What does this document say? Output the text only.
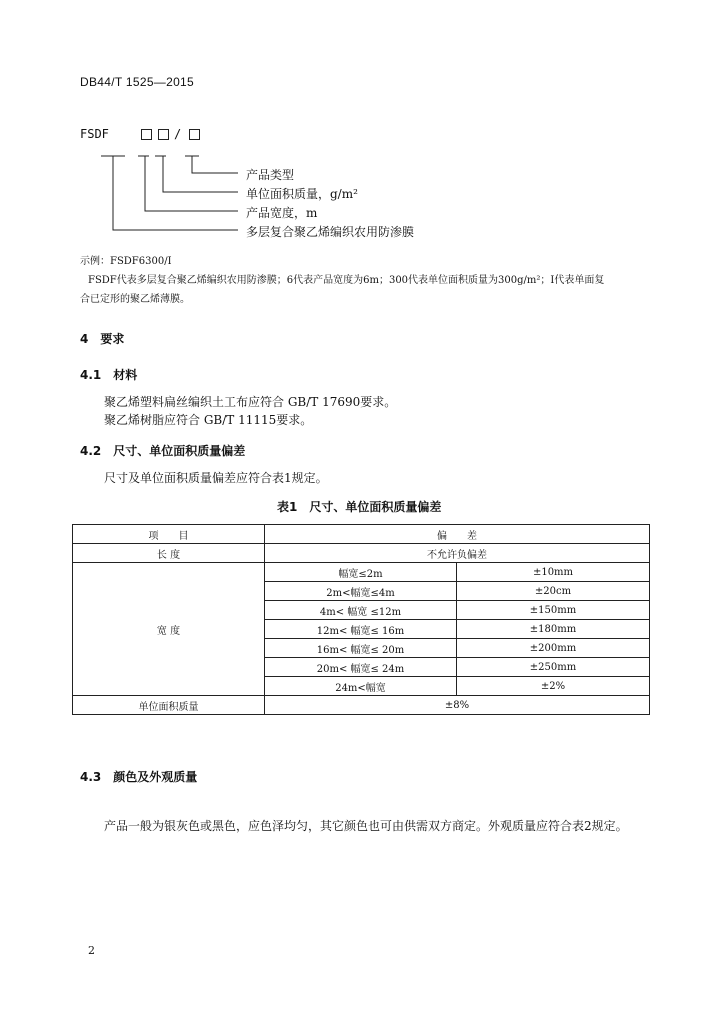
DB44/T 1525—2015
FSDF	/
产品类型
单位面积质量，g/m²
产品宽度，m
多层复合聚乙烯编织农用防渗膜
示例：FSDF6300/Ⅰ
FSDF代表多层复合聚乙烯编织农用防渗膜；6代表产品宽度为6m；300代表单位面积质量为300g/m²；Ⅰ代表单面复
合已定形的聚乙烯薄膜。
4　要求
4.1　材料
聚乙烯塑料扁丝编织土工布应符合 GB/T 17690要求。
聚乙烯树脂应符合 GB/T 11115要求。
4.2　尺寸、单位面积质量偏差
尺寸及单位面积质量偏差应符合表1规定。
表1　尺寸、单位面积质量偏差
项　　目	偏　　差	
长 度	不允许负偏差	
宽 度	幅宽≤2m	±10mm
	2m<幅宽≤4m	±20cm
	4m< 幅宽 ≤12m	±150mm
	12m< 幅宽≤ 16m	±180mm
	16m< 幅宽≤ 20m	±200mm
	20m< 幅宽≤ 24m	±250mm
	24m<幅宽	±2%
单位面积质量	±8%	
4.3　颜色及外观质量
产品一般为银灰色或黑色，应色泽均匀，其它颜色也可由供需双方商定。外观质量应符合表2规定。
2
